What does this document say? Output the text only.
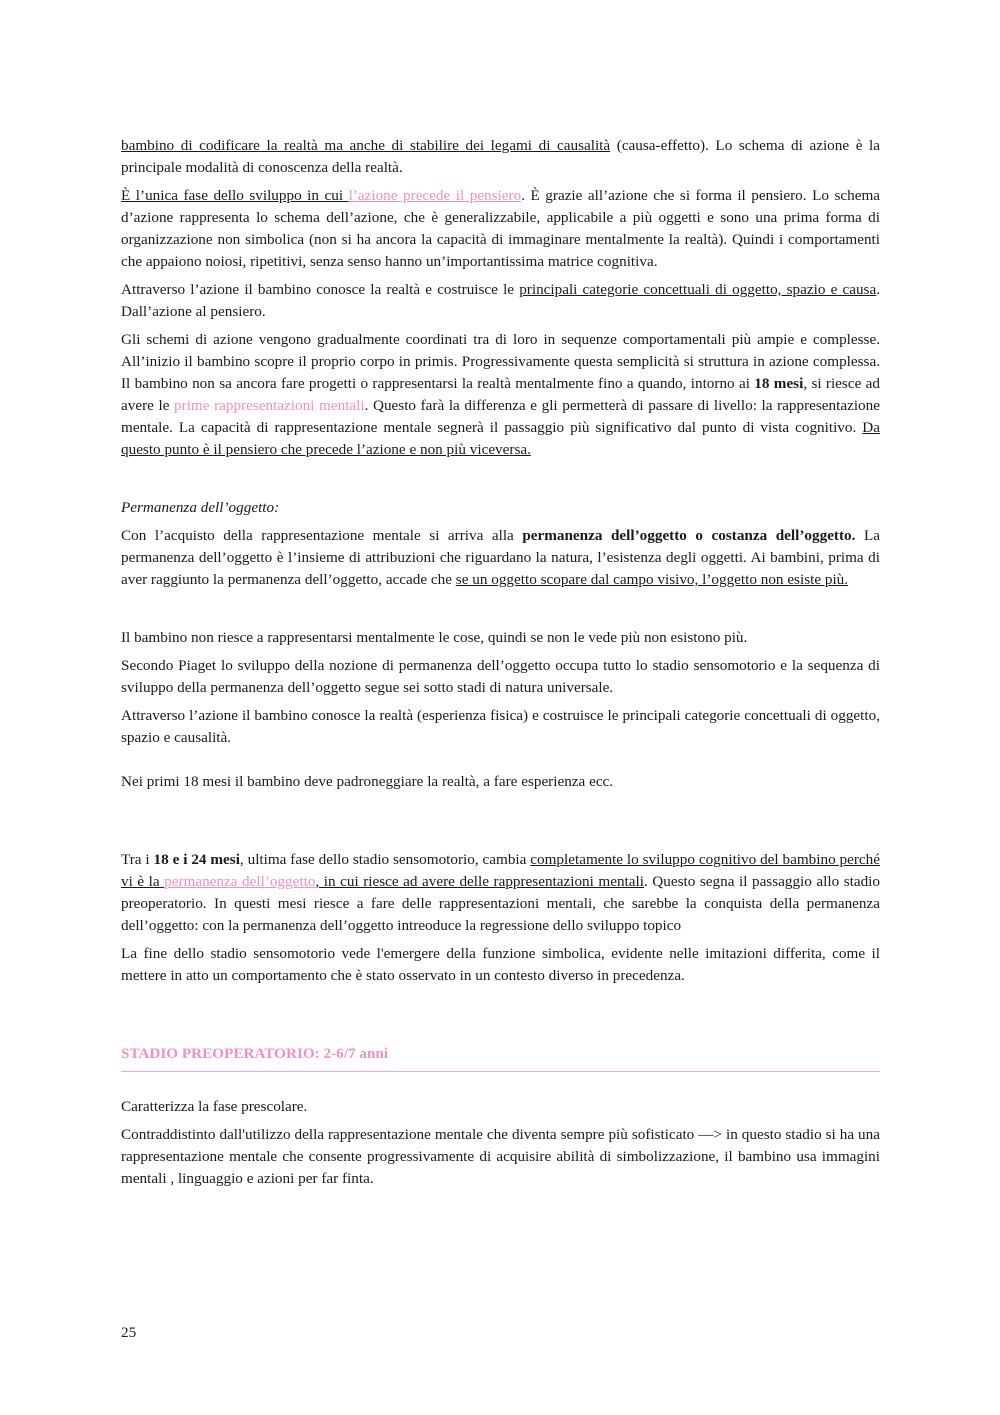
bambino di codificare la realtà ma anche di stabilire dei legami di causalità (causa-effetto). Lo schema di azione è la principale modalità di conoscenza della realtà.

È l’unica fase dello sviluppo in cui l’azione precede il pensiero. È grazie all’azione che si forma il pensiero. Lo schema d’azione rappresenta lo schema dell’azione, che è generalizzabile, applicabile a più oggetti e sono una prima forma di organizzazione non simbolica (non si ha ancora la capacità di immaginare mentalmente la realtà). Quindi i comportamenti che appaiono noiosi, ripetitivi, senza senso hanno un’importantissima matrice cognitiva.

Attraverso l’azione il bambino conosce la realtà e costruisce le principali categorie concettuali di oggetto, spazio e causa. Dall’azione al pensiero.

Gli schemi di azione vengono gradualmente coordinati tra di loro in sequenze comportamentali più ampie e complesse. All’inizio il bambino scopre il proprio corpo in primis. Progressivamente questa semplicità si struttura in azione complessa. Il bambino non sa ancora fare progetti o rappresentarsi la realtà mentalmente fino a quando, intorno ai 18 mesi, si riesce ad avere le prime rappresentazioni mentali. Questo farà la differenza e gli permetterà di passare di livello: la rappresentazione mentale. La capacità di rappresentazione mentale segnerà il passaggio più significativo dal punto di vista cognitivo. Da questo punto è il pensiero che precede l’azione e non più viceversa.

Permanenza dell’oggetto:

Con l’acquisto della rappresentazione mentale si arriva alla permanenza dell’oggetto o costanza dell’oggetto. La permanenza dell’oggetto è l’insieme di attribuzioni che riguardano la natura, l’esistenza degli oggetti. Ai bambini, prima di aver raggiunto la permanenza dell’oggetto, accade che se un oggetto scopare dal campo visivo, l’oggetto non esiste più.

Il bambino non riesce a rappresentarsi mentalmente le cose, quindi se non le vede più non esistono più.

Secondo Piaget lo sviluppo della nozione di permanenza dell’oggetto occupa tutto lo stadio sensomotorio e la sequenza di sviluppo della permanenza dell’oggetto segue sei sotto stadi di natura universale.

Attraverso l’azione il bambino conosce la realtà (esperienza fisica) e costruisce le principali categorie concettuali di oggetto, spazio e causalità.

Nei primi 18 mesi il bambino deve padroneggiare la realtà, a fare esperienza ecc.

Tra i 18 e i 24 mesi, ultima fase dello stadio sensomotorio, cambia completamente lo sviluppo cognitivo del bambino perché vi è la permanenza dell’oggetto, in cui riesce ad avere delle rappresentazioni mentali. Questo segna il passaggio allo stadio preoperatorio. In questi mesi riesce a fare delle rappresentazioni mentali, che sarebbe la conquista della permanenza dell’oggetto: con la permanenza dell’oggetto intreoduce la regressione dello sviluppo topico

La fine dello stadio sensomotorio vede l'emergere della funzione simbolica, evidente nelle imitazioni differita, come il mettere in atto un comportamento che è stato osservato in un contesto diverso in precedenza.

STADIO PREOPERATORIO: 2-6/7 anni

Caratterizza la fase prescolare.

Contraddistinto dall'utilizzo della rappresentazione mentale che diventa sempre più sofisticato —> in questo stadio si ha una rappresentazione mentale che consente progressivamente di acquisire abilità di simbolizzazione, il bambino usa immagini mentali , linguaggio e azioni per far finta.

25
